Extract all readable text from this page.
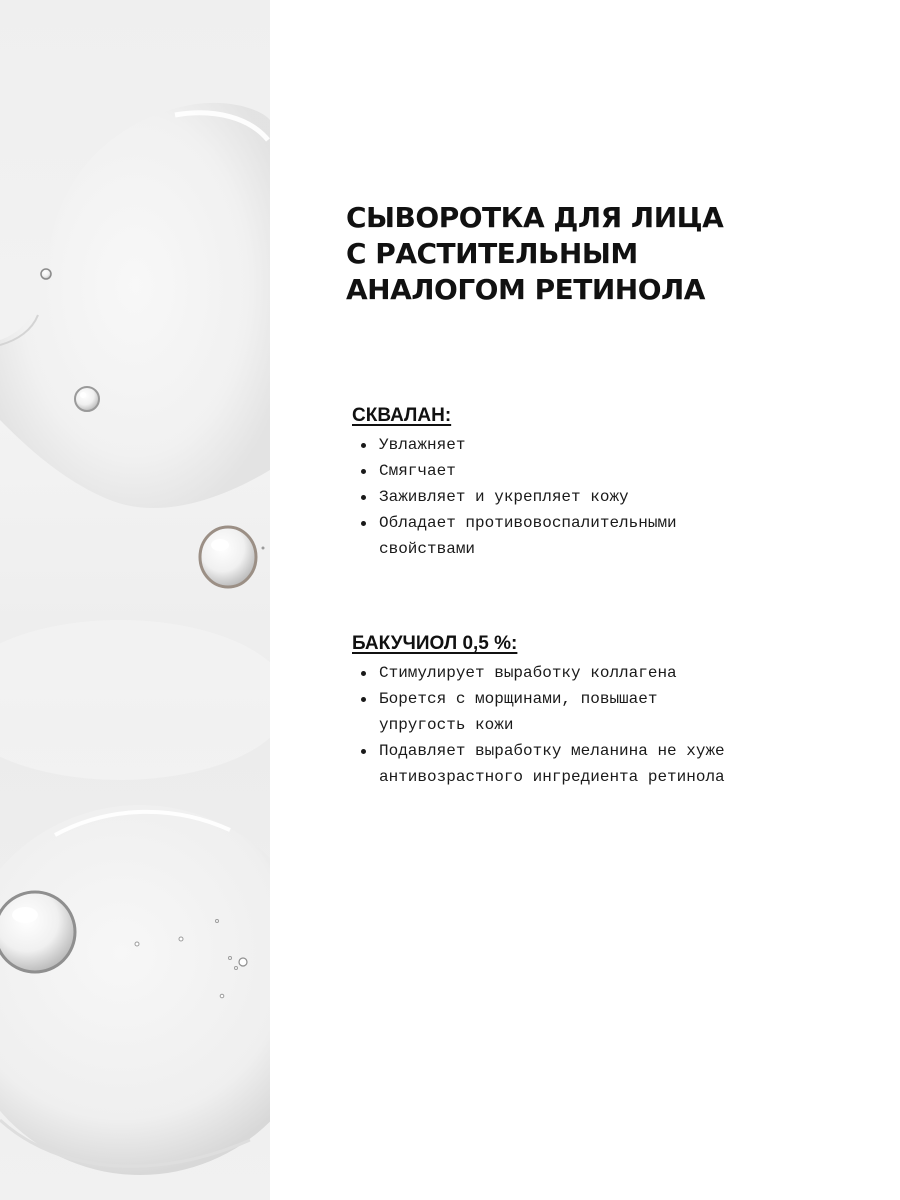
СЫВОРОТКА ДЛЯ ЛИЦА
С РАСТИТЕЛЬНЫМ
АНАЛОГОМ РЕТИНОЛА
СКВАЛАН:
Увлажняет
Смягчает
Заживляет и укрепляет кожу
Обладает противовоспалительными свойствами
БАКУЧИОЛ 0,5 %:
Стимулирует выработку коллагена
Борется с морщинами, повышает упругость кожи
Подавляет выработку меланина не хуже антивозрастного ингредиента ретинола
